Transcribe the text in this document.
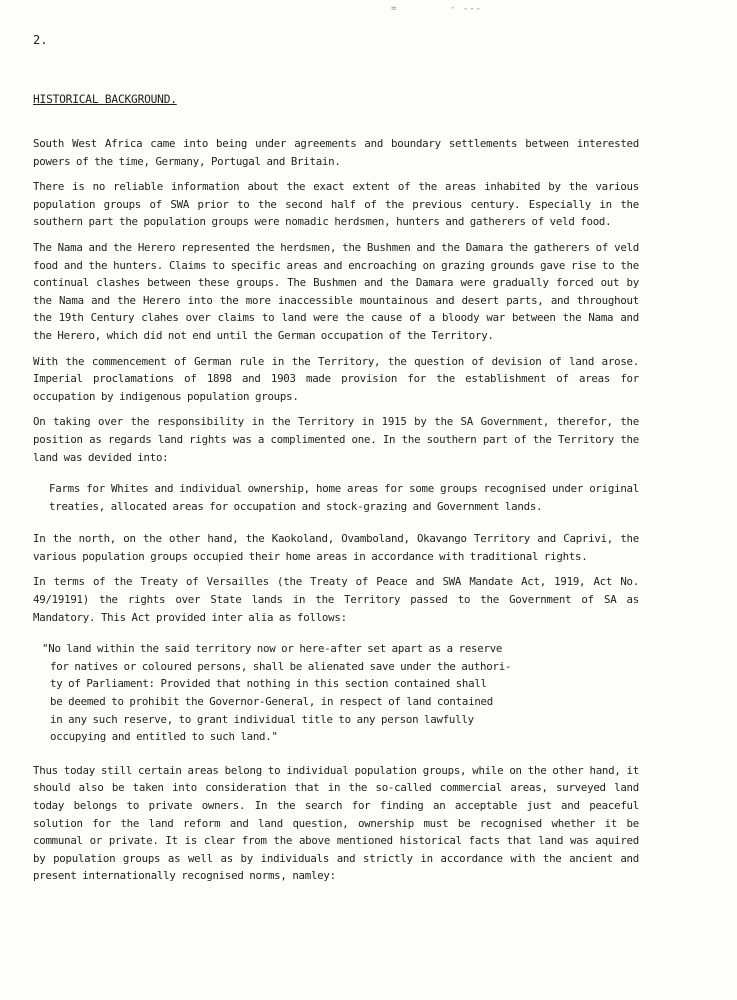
=	· ---

2.

HISTORICAL BACKGROUND.

South West Africa came into being under agreements and boundary settlements between interested powers of the time, Germany, Portugal and Britain.

There is no reliable information about the exact extent of the areas inhabited by the various population groups of SWA prior to the second half of the previous century. Especially in the southern part the population groups were nomadic herdsmen, hunters and gatherers of veld food.

The Nama and the Herero represented the herdsmen, the Bushmen and the Damara the gatherers of veld food and the hunters. Claims to specific areas and encroaching on grazing grounds gave rise to the continual clashes between these groups. The Bushmen and the Damara were gradually forced out by the Nama and the Herero into the more inaccessible mountainous and desert parts, and throughout the 19th Century clahes over claims to land were the cause of a bloody war between the Nama and the Herero, which did not end until the German occupation of the Territory.

With the commencement of German rule in the Territory, the question of devision of land arose. Imperial proclamations of 1898 and 1903 made provision for the establishment of areas for occupation by indigenous population groups.

On taking over the responsibility in the Territory in 1915 by the SA Government, therefor, the position as regards land rights was a complimented one. In the southern part of the Territory the land was devided into:

Farms for Whites and individual ownership, home areas for some groups recognised under original treaties, allocated areas for occupation and stock-grazing and Government lands.

In the north, on the other hand, the Kaokoland, Ovamboland, Okavango Territory and Caprivi, the various population groups occupied their home areas in accordance with traditional rights.

In terms of the Treaty of Versailles (the Treaty of Peace and SWA Mandate Act, 1919, Act No. 49/19191) the rights over State lands in the Territory passed to the Government of SA as Mandatory. This Act provided inter alia as follows:

"No land within the said territory now or here-after set apart as a reserve
for natives or coloured persons, shall be alienated save under the authori-
ty of Parliament: Provided that nothing in this section contained shall
be deemed to prohibit the Governor-General, in respect of land contained
in any such reserve, to grant individual title to any person lawfully
occupying and entitled to such land."

Thus today still certain areas belong to individual population groups, while on the other hand, it should also be taken into consideration that in the so-called commercial areas, surveyed land today belongs to private owners. In the search for finding an acceptable just and peaceful solution for the land reform and land question, ownership must be recognised whether it be communal or private. It is clear from the above mentioned historical facts that land was aquired by population groups as well as by individuals and strictly in accordance with the ancient and present internationally recognised norms, namley:
